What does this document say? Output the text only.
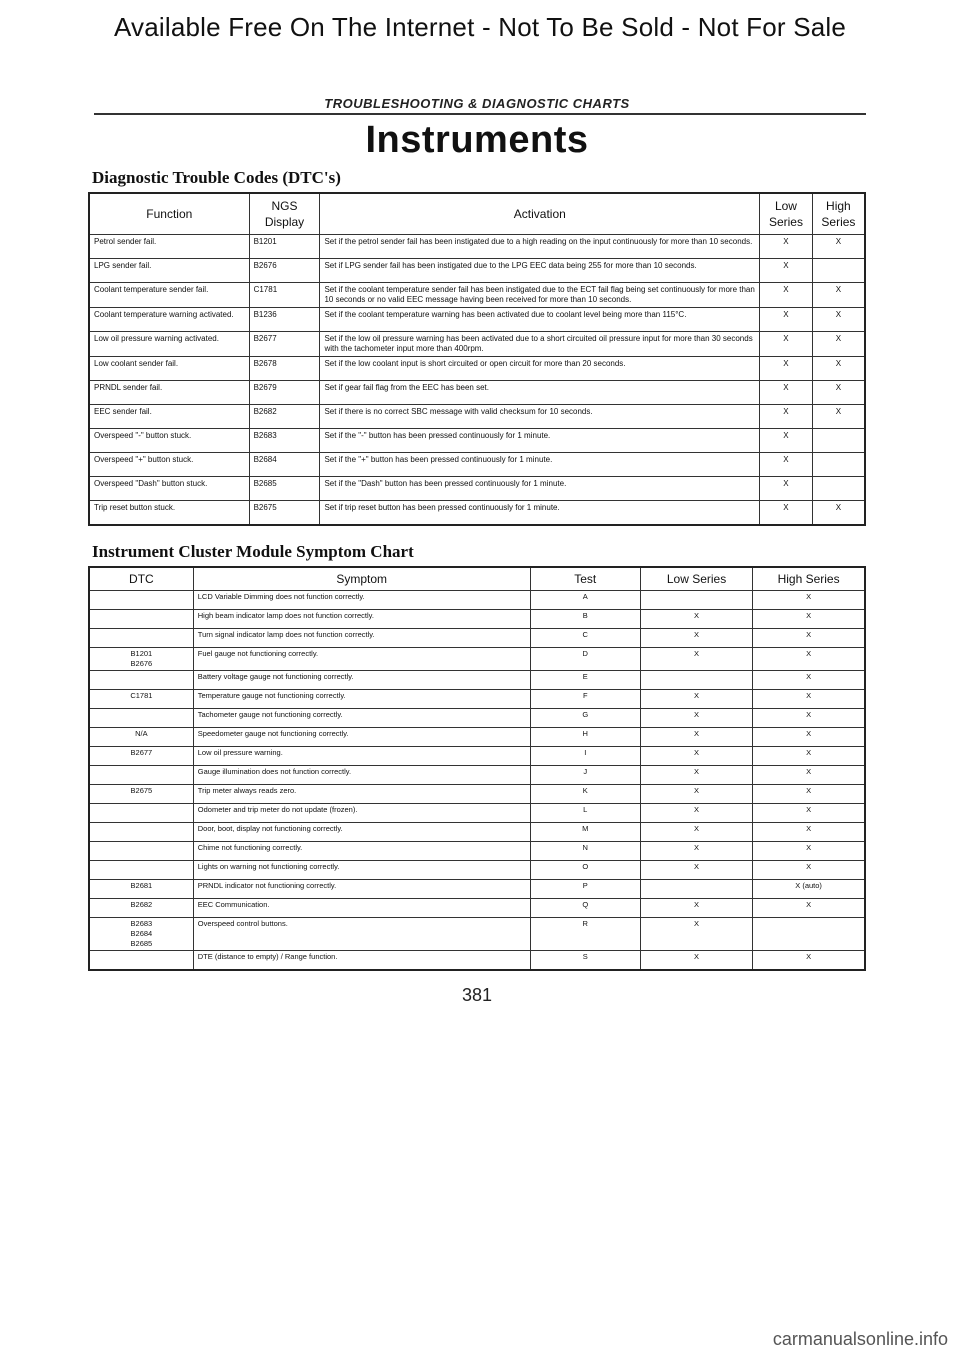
Available Free On The Internet - Not To Be Sold - Not For Sale
TROUBLESHOOTING & DIAGNOSTIC CHARTS
Instruments
Diagnostic Trouble Codes (DTC's)
Function	NGS Display	Activation	Low Series	High Series
Petrol sender fail.	B1201	Set if the petrol sender fail has been instigated due to a high reading on the input continuously for more than 10 seconds.	X	X
LPG sender fail.	B2676	Set if LPG sender fail has been instigated due to the LPG EEC data being 255 for more than 10 seconds.	X	
Coolant temperature sender fail.	C1781	Set if the coolant temperature sender fail has been instigated due to the ECT fail flag being set continuously for more than 10 seconds or no valid EEC message having been received for more than 10 seconds.	X	X
Coolant temperature warning activated.	B1236	Set if the coolant temperature warning has been activated due to coolant level being more than 115°C.	X	X
Low oil pressure warning activated.	B2677	Set if the low oil pressure warning has been activated due to a short circuited oil pressure input for more than 30 seconds with the tachometer input more than 400rpm.	X	X
Low coolant sender fail.	B2678	Set if the low coolant input is short circuited or open circuit for more than 20 seconds.	X	X
PRNDL sender fail.	B2679	Set if gear fail flag from the EEC has been set.	X	X
EEC sender fail.	B2682	Set if there is no correct SBC message with valid checksum for 10 seconds.	X	X
Overspeed "-" button stuck.	B2683	Set if the "-" button has been pressed continuously for 1 minute.	X	
Overspeed "+" button stuck.	B2684	Set if the "+" button has been pressed continuously for 1 minute.	X	
Overspeed "Dash" button stuck.	B2685	Set if the "Dash" button has been pressed continuously for 1 minute.	X	
Trip reset button stuck.	B2675	Set if trip reset button has been pressed continuously for 1 minute.	X	X
Instrument Cluster Module Symptom Chart
DTC	Symptom	Test	Low Series	High Series
	LCD Variable Dimming does not function correctly.	A		X
	High beam indicator lamp does not function correctly.	B	X	X
	Turn signal indicator lamp does not function correctly.	C	X	X
B1201
B2676	Fuel gauge not functioning correctly.	D	X	X
	Battery voltage gauge not functioning correctly.	E		X
C1781	Temperature gauge not functioning correctly.	F	X	X
	Tachometer gauge not functioning correctly.	G	X	X
N/A	Speedometer gauge not functioning correctly.	H	X	X
B2677	Low oil pressure warning.	I	X	X
	Gauge illumination does not function correctly.	J	X	X
B2675	Trip meter always reads zero.	K	X	X
	Odometer and trip meter do not update (frozen).	L	X	X
	Door, boot, display not functioning correctly.	M	X	X
	Chime not functioning correctly.	N	X	X
	Lights on warning not functioning correctly.	O	X	X
B2681	PRNDL indicator not functioning correctly.	P		X (auto)
B2682	EEC Communication.	Q	X	X
B2683
B2684
B2685	Overspeed control buttons.	R	X	
	DTE (distance to empty) / Range function.	S	X	X
381
carmanualsonline.info
